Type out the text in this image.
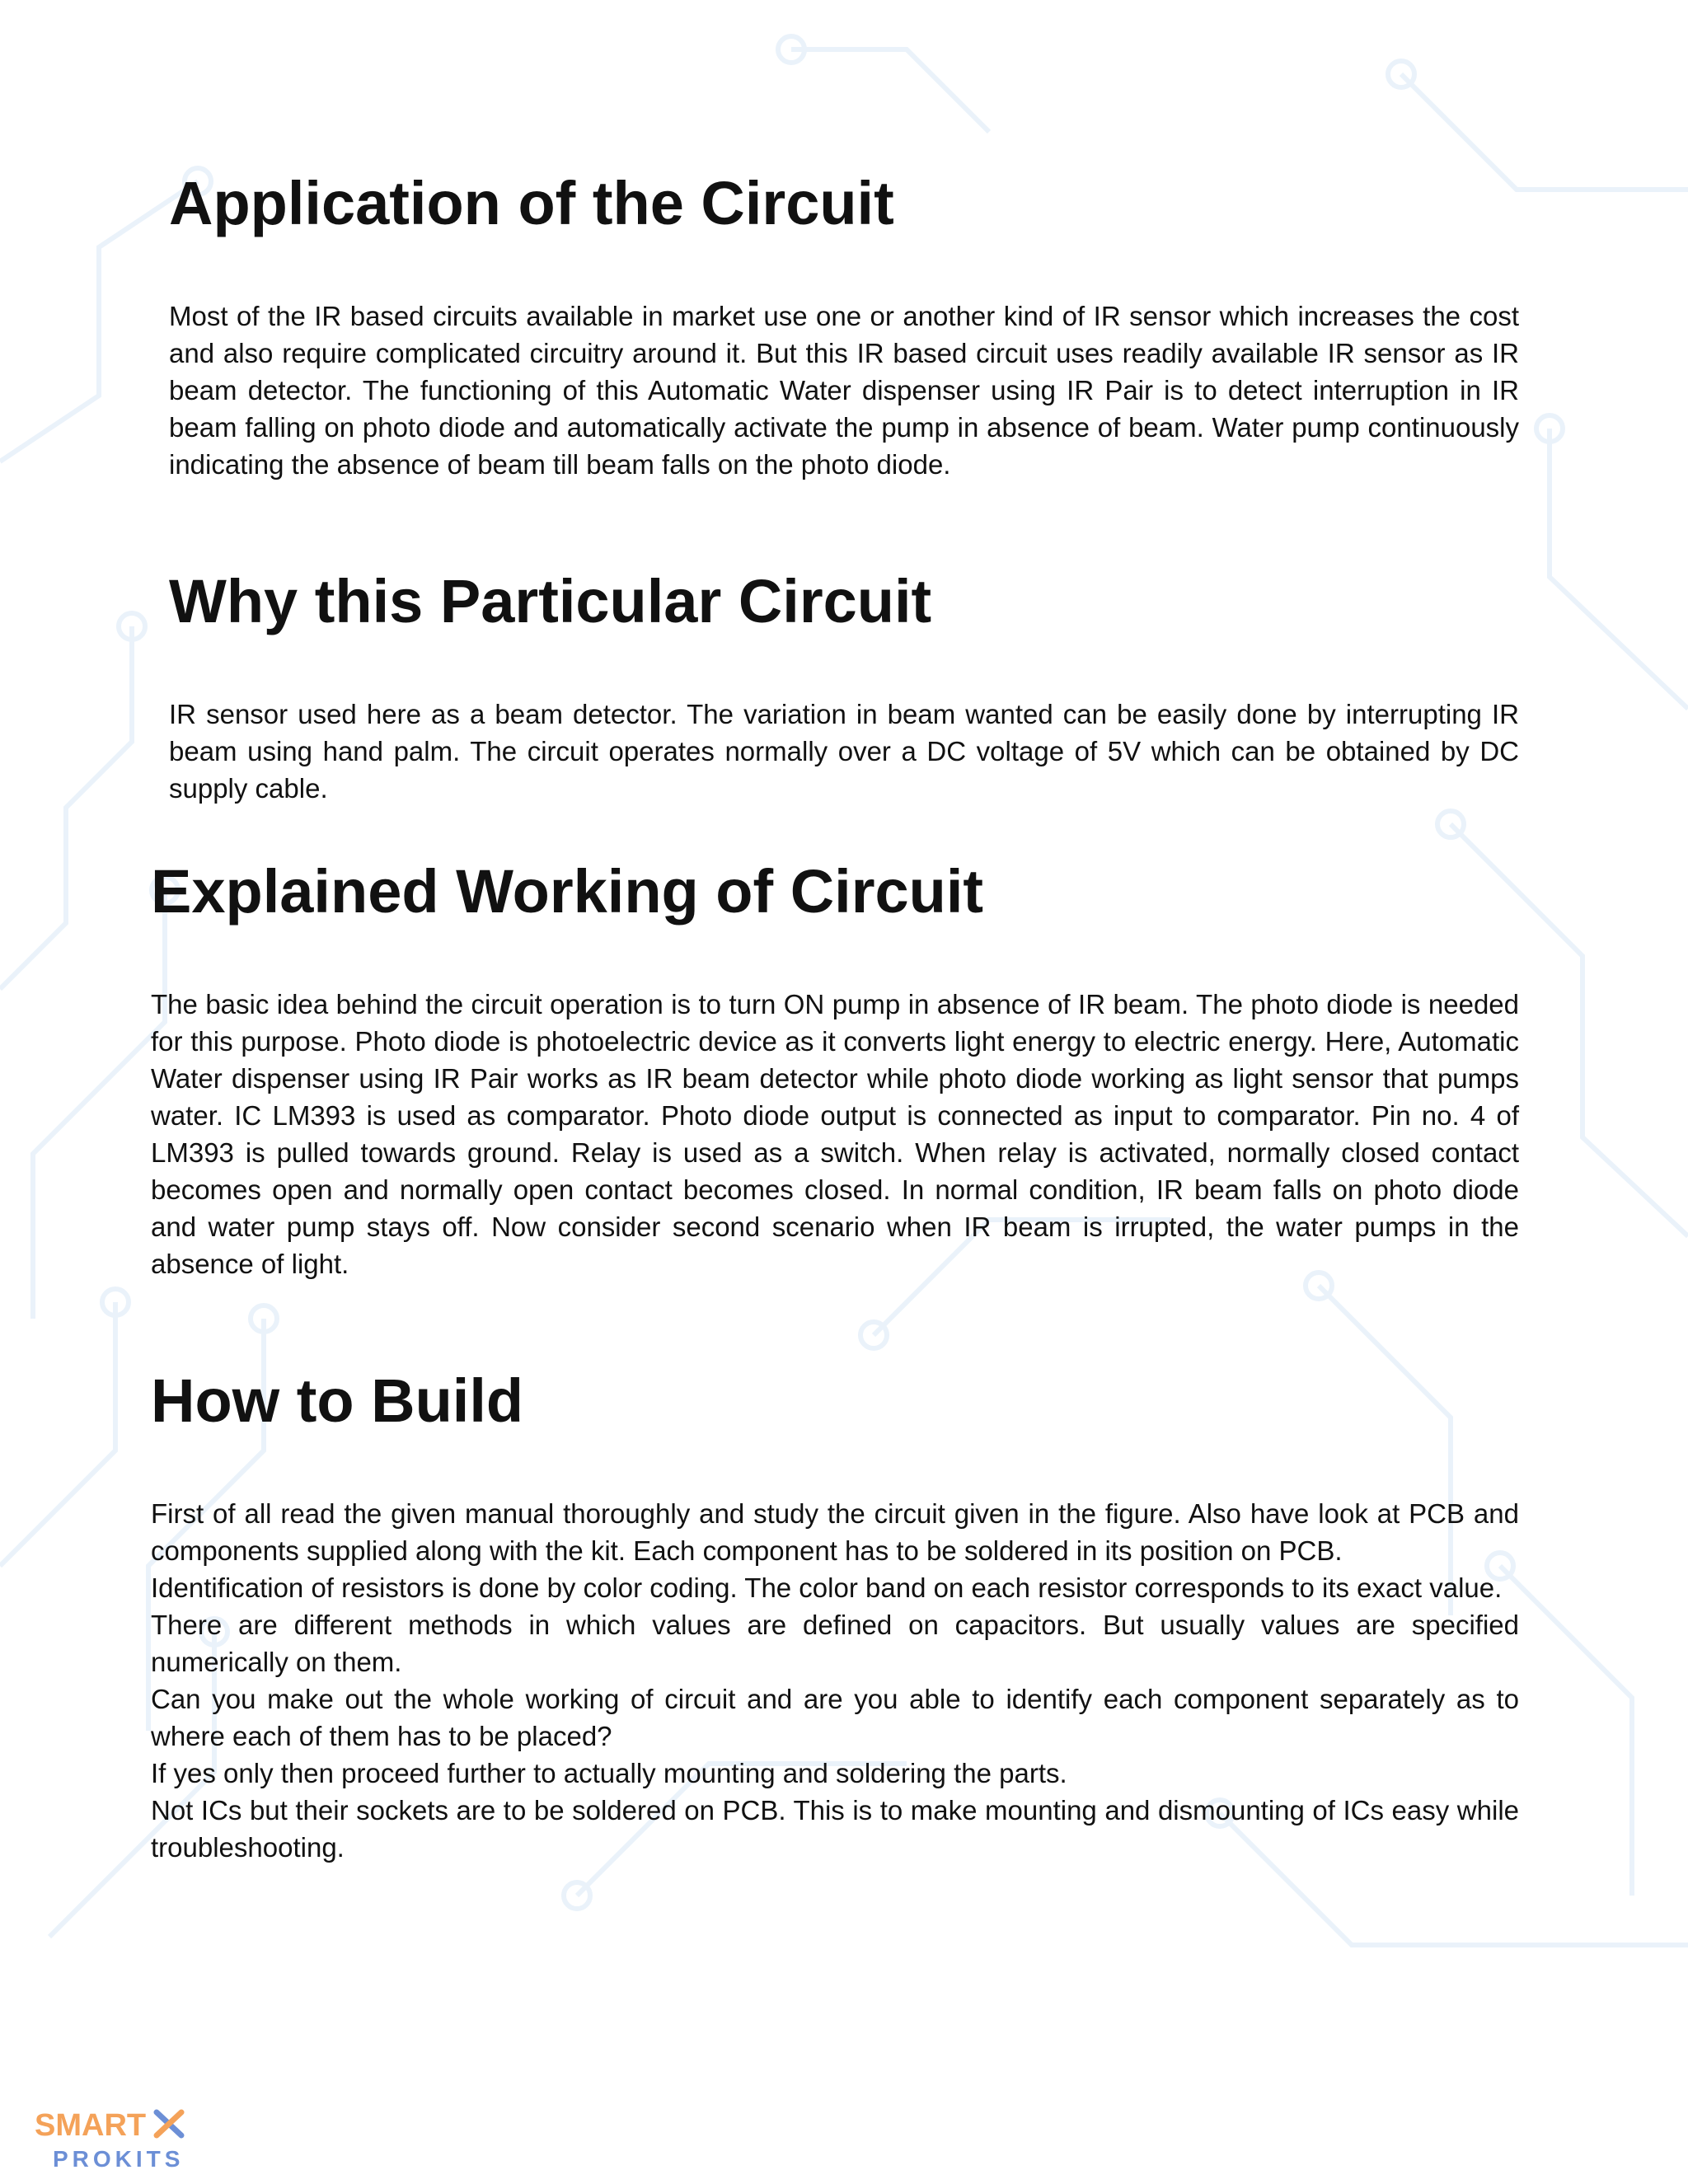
Application of the Circuit

Most of the IR based circuits available in market use one or another kind of IR sensor which increases the cost and also require complicated circuitry around it. But this IR based circuit uses readily available IR sensor as IR beam detector. The functioning of this Automatic Water dispenser using IR Pair is to detect interruption in IR beam falling on photo diode and automatically activate the pump in absence of beam. Water pump continuously indicating the absence of beam till beam falls on the photo diode.

Why this Particular Circuit

IR sensor used here as a beam detector. The variation in beam wanted can be easily done by interrupting IR beam using hand palm. The circuit operates normally over a DC voltage of 5V which can be obtained by DC supply cable.

Explained Working of Circuit

The basic idea behind the circuit operation is to turn ON pump in absence of IR beam. The photo diode is needed for this purpose. Photo diode is photoelectric device as it converts light energy to electric energy. Here, Automatic Water dispenser using IR Pair works as IR beam detector while photo diode working as light sensor that pumps water. IC LM393 is used as comparator. Photo diode output is connected as input to comparator. Pin no. 4 of LM393 is pulled towards ground. Relay is used as a switch. When relay is activated, normally closed contact becomes open and normally open contact becomes closed. In normal condition, IR beam falls on photo diode and water pump stays off. Now consider second scenario when IR beam is irrupted, the water pumps in the absence of light.

How to Build

First of all read the given manual thoroughly and study the circuit given in the figure. Also have look at PCB and components supplied along with the kit. Each component has to be soldered in its position on PCB.

Identification of resistors is done by color coding. The color band on each resistor corresponds to its exact value.

There are different methods in which values are defined on capacitors. But usually values are specified numerically on them.

Can you make out the whole working of circuit and are you able to identify each component separately as to where each of them has to be placed?

If yes only then proceed further to actually mounting and soldering the parts.

Not ICs but their sockets are to be soldered on PCB. This is to make mounting and dismounting of ICs easy while troubleshooting.

SMART
PROKITS
